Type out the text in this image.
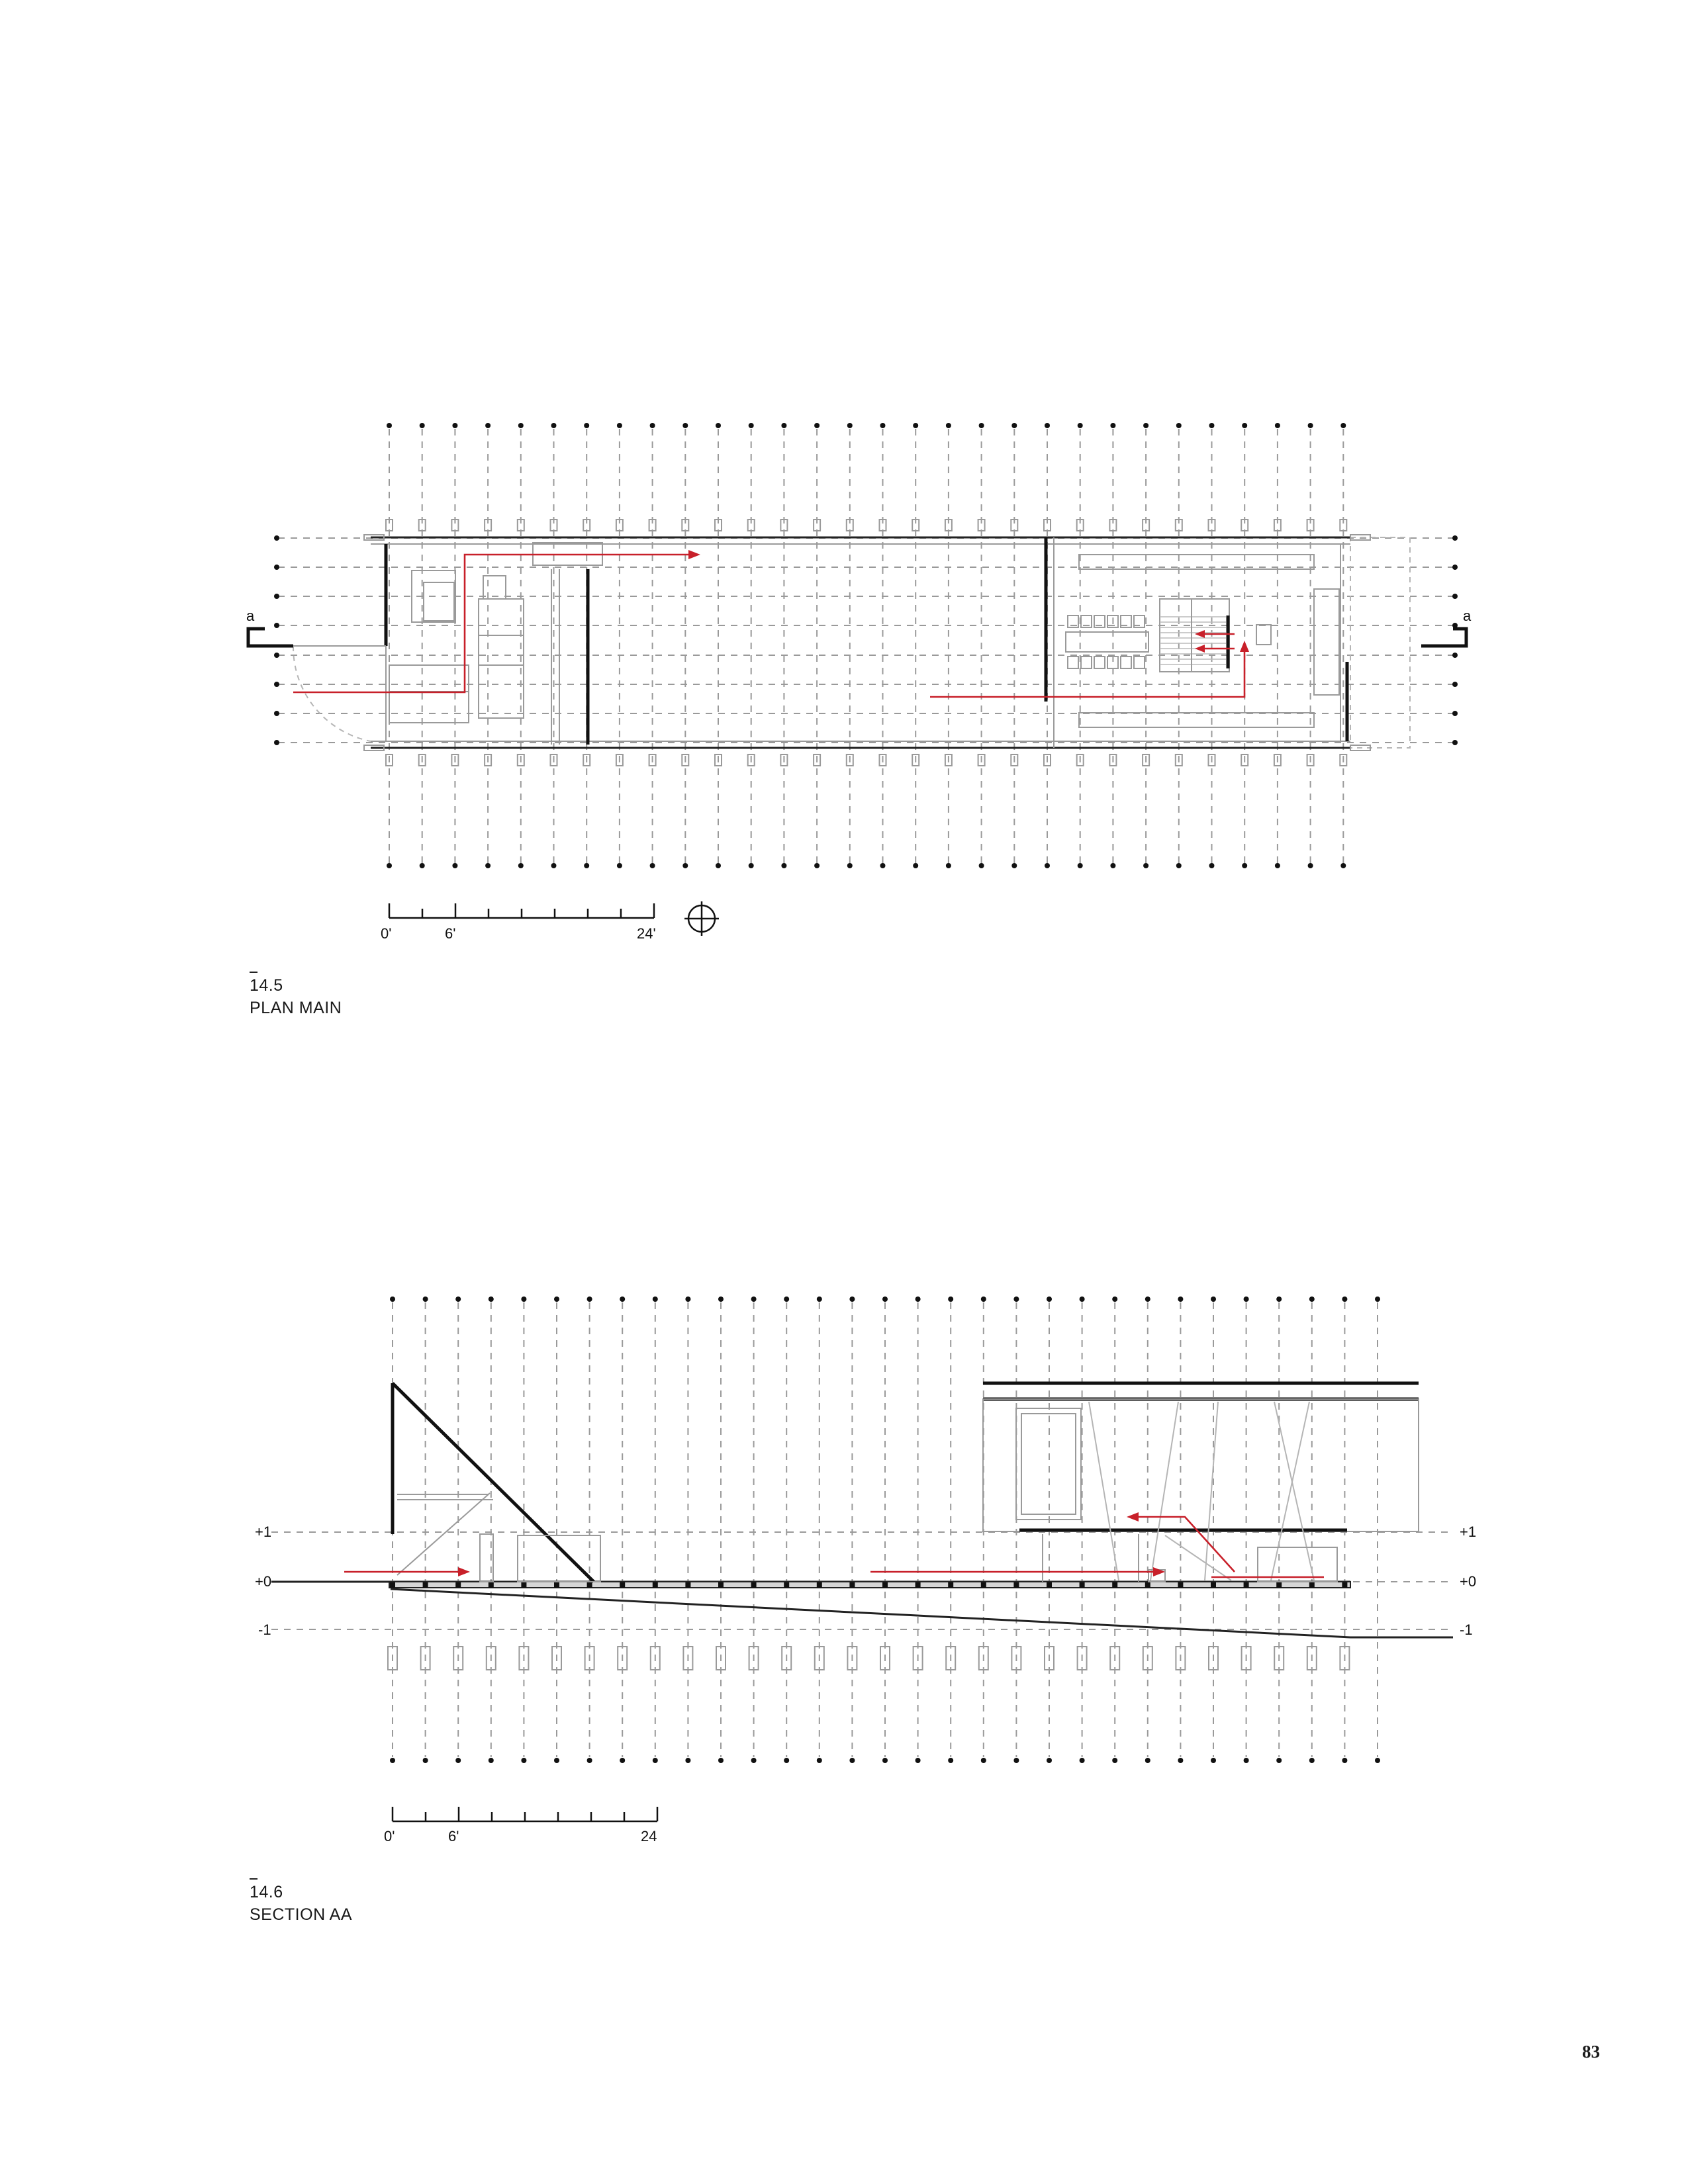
a	a
0'	6'	24'
+1
+0
-1
+1
+0
-1
0'	6'	24
14.5
PLAN MAIN
14.6
SECTION AA
83
